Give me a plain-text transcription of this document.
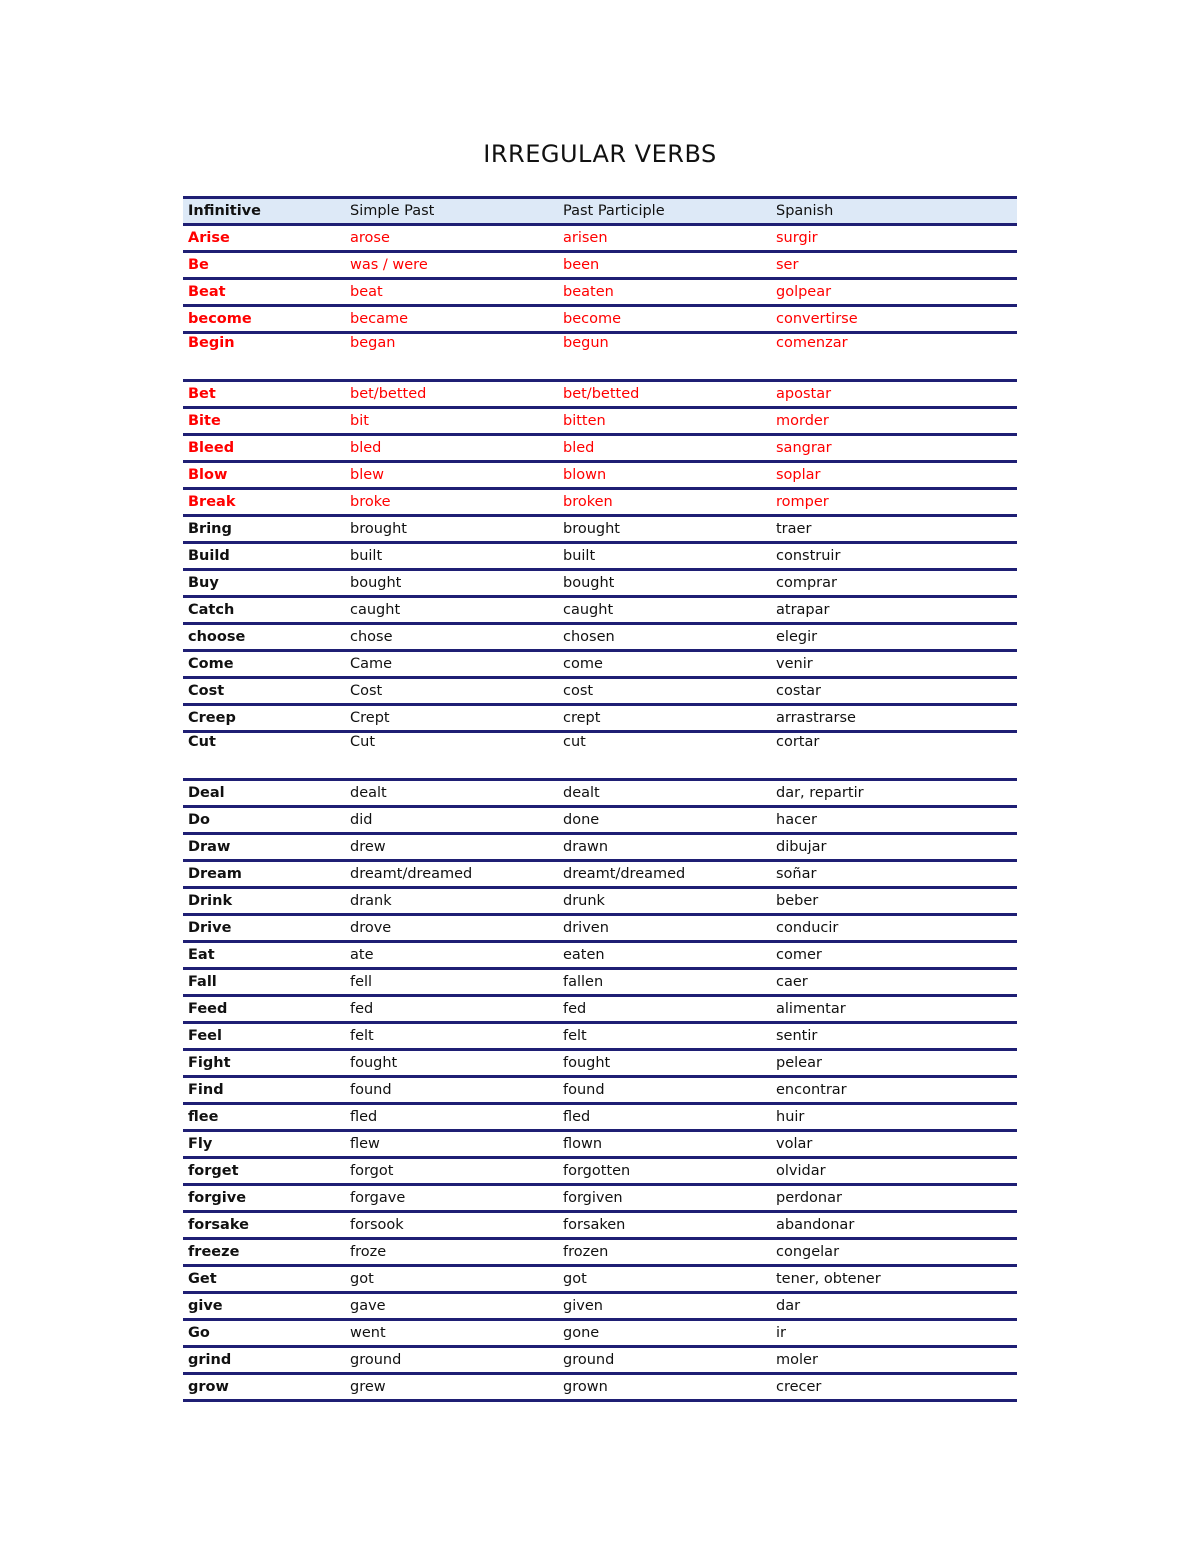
IRREGULAR VERBS
Infinitive	Simple Past	Past Participle	Spanish
Arise	arose	arisen	surgir
Be	was / were	been	ser
Beat	beat	beaten	golpear
become	became	become	convertirse
Begin	began	begun	comenzar
Bet	bet/betted	bet/betted	apostar
Bite	bit	bitten	morder
Bleed	bled	bled	sangrar
Blow	blew	blown	soplar
Break	broke	broken	romper
Bring	brought	brought	traer
Build	built	built	construir
Buy	bought	bought	comprar
Catch	caught	caught	atrapar
choose	chose	chosen	elegir
Come	Came	come	venir
Cost	Cost	cost	costar
Creep	Crept	crept	arrastrarse
Cut	Cut	cut	cortar
Deal	dealt	dealt	dar, repartir
Do	did	done	hacer
Draw	drew	drawn	dibujar
Dream	dreamt/dreamed	dreamt/dreamed	soñar
Drink	drank	drunk	beber
Drive	drove	driven	conducir
Eat	ate	eaten	comer
Fall	fell	fallen	caer
Feed	fed	fed	alimentar
Feel	felt	felt	sentir
Fight	fought	fought	pelear
Find	found	found	encontrar
flee	fled	fled	huir
Fly	flew	flown	volar
forget	forgot	forgotten	olvidar
forgive	forgave	forgiven	perdonar
forsake	forsook	forsaken	abandonar
freeze	froze	frozen	congelar
Get	got	got	tener, obtener
give	gave	given	dar
Go	went	gone	ir
grind	ground	ground	moler
grow	grew	grown	crecer
